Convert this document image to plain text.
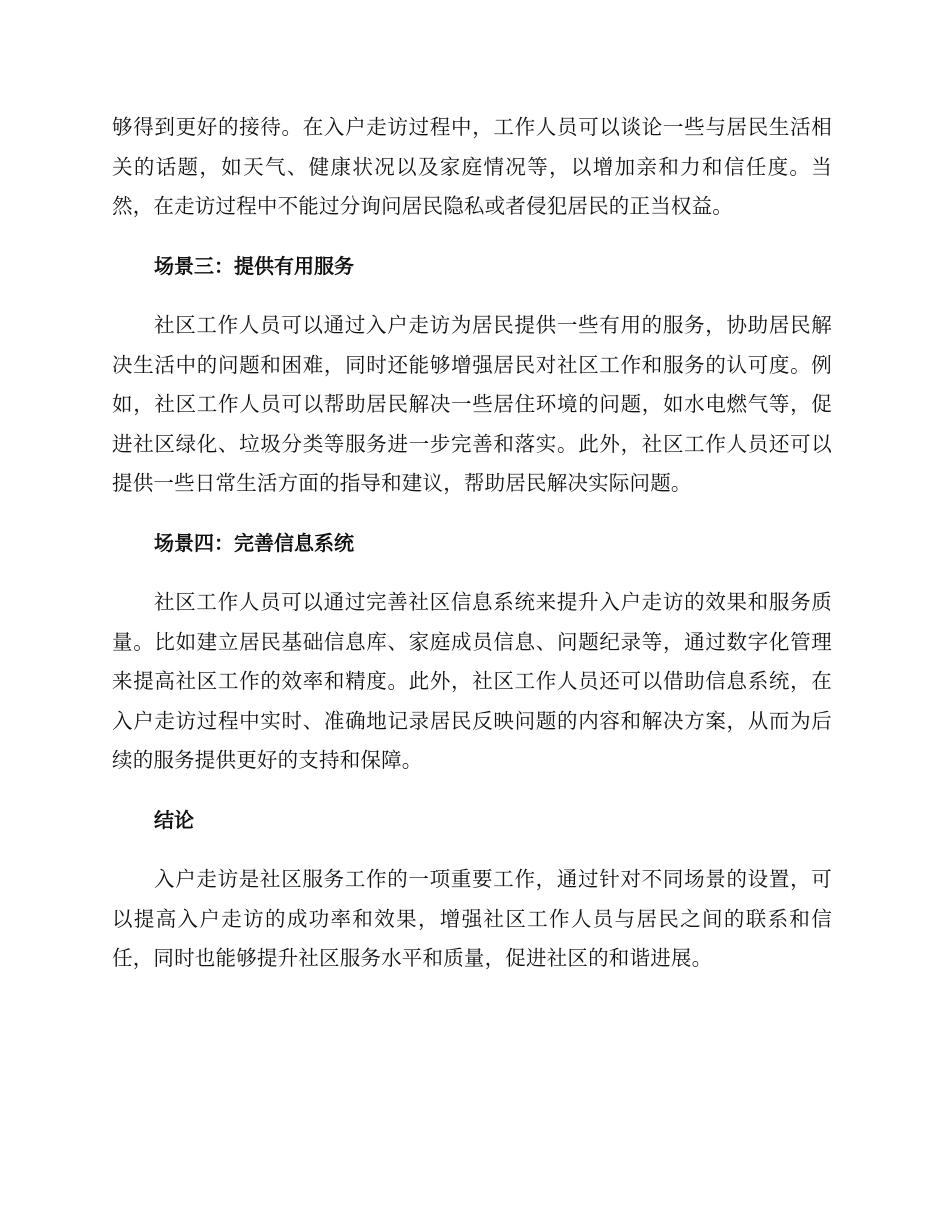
够得到更好的接待。在入户走访过程中，工作人员可以谈论一些与居民生活相关的话题，如天气、健康状况以及家庭情况等，以增加亲和力和信任度。当然，在走访过程中不能过分询问居民隐私或者侵犯居民的正当权益。

场景三：提供有用服务

社区工作人员可以通过入户走访为居民提供一些有用的服务，协助居民解决生活中的问题和困难，同时还能够增强居民对社区工作和服务的认可度。例如，社区工作人员可以帮助居民解决一些居住环境的问题，如水电燃气等，促进社区绿化、垃圾分类等服务进一步完善和落实。此外，社区工作人员还可以提供一些日常生活方面的指导和建议，帮助居民解决实际问题。

场景四：完善信息系统

社区工作人员可以通过完善社区信息系统来提升入户走访的效果和服务质量。比如建立居民基础信息库、家庭成员信息、问题纪录等，通过数字化管理来提高社区工作的效率和精度。此外，社区工作人员还可以借助信息系统，在入户走访过程中实时、准确地记录居民反映问题的内容和解决方案，从而为后续的服务提供更好的支持和保障。

结论

入户走访是社区服务工作的一项重要工作，通过针对不同场景的设置，可以提高入户走访的成功率和效果，增强社区工作人员与居民之间的联系和信任，同时也能够提升社区服务水平和质量，促进社区的和谐进展。
